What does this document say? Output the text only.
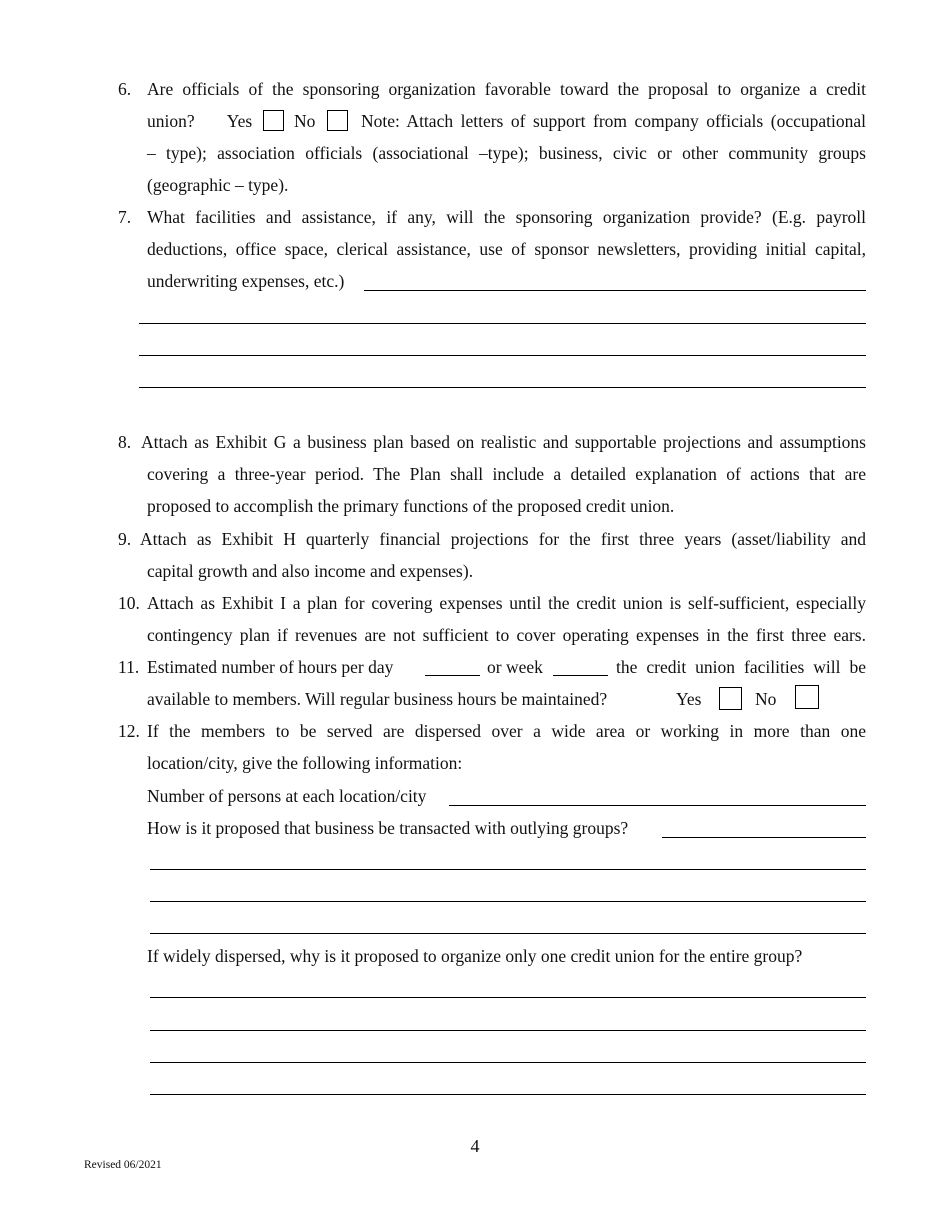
6. Are officials of the sponsoring organization favorable toward the proposal to organize a credit
union? Yes No	Note: Attach letters of support from company officials (occupational
– type); association officials (associational –type); business, civic or other community groups
(geographic – type).
7. What facilities and assistance, if any, will the sponsoring organization provide? (E.g. payroll
deductions, office space, clerical assistance, use of sponsor newsletters, providing initial capital,
underwriting expenses, etc.)
8. Attach as Exhibit G a business plan based on realistic and supportable projections and assumptions
covering a three-year period. The Plan shall include a detailed explanation of actions that are
proposed to accomplish the primary functions of the proposed credit union.
9. Attach as Exhibit H quarterly financial projections for the first three years (asset/liability and
capital growth and also income and expenses).
10. Attach as Exhibit I a plan for covering expenses until the credit union is self-sufficient, especially
contingency plan if revenues are not sufficient to cover operating expenses in the first three ears.
11. Estimated number of hours per day	or week	the credit union facilities will be
available to members. Will regular business hours be maintained?	Yes	No
12. If the members to be served are dispersed over a wide area or working in more than one
location/city, give the following information:
Number of persons at each location/city
How is it proposed that business be transacted with outlying groups?
If widely dispersed, why is it proposed to organize only one credit union for the entire group?
4
Revised 06/2021
